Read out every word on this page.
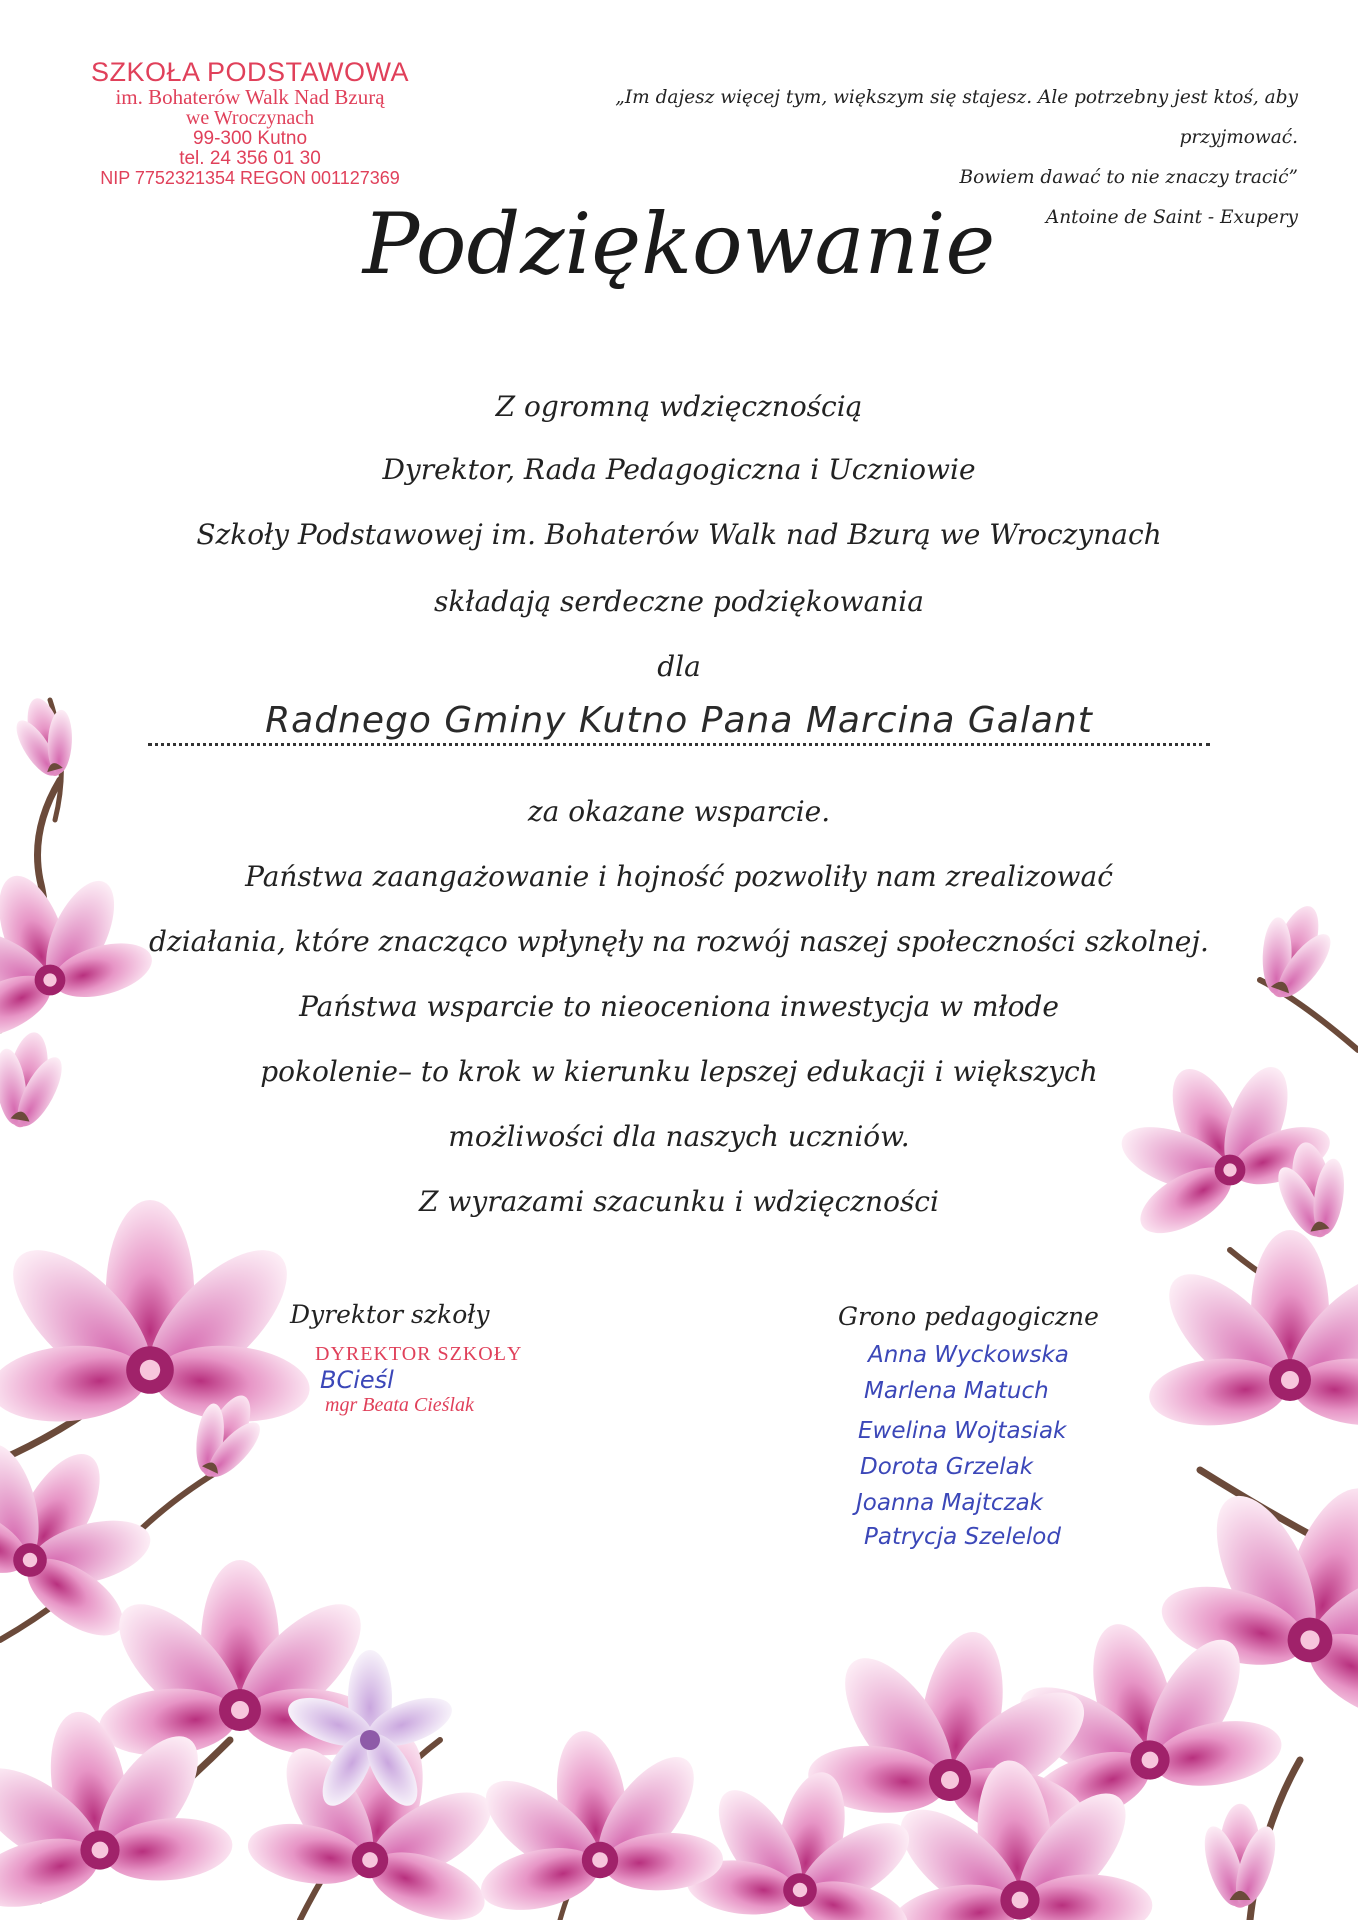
SZKOŁA PODSTAWOWA
im. Bohaterów Walk Nad Bzurą
we Wroczynach
99-300 Kutno
tel. 24 356 01 30
NIP 7752321354 REGON 001127369
„Im dajesz więcej tym, większym się stajesz. Ale potrzebny jest ktoś, aby przyjmować.
Bowiem dawać to nie znaczy tracić”
Antoine de Saint - Exupery
Podziękowanie
Z ogromną wdzięcznością
Dyrektor, Rada Pedagogiczna i Uczniowie
Szkoły Podstawowej im. Bohaterów Walk nad Bzurą we Wroczynach
składają serdeczne podziękowania
dla
Radnego Gminy Kutno Pana Marcina Galant
za okazane wsparcie.
Państwa zaangażowanie i hojność pozwoliły nam zrealizować
działania, które znacząco wpłynęły na rozwój naszej społeczności szkolnej.
Państwa wsparcie to nieoceniona inwestycja w młode
pokolenie– to krok w kierunku lepszej edukacji i większych
możliwości dla naszych uczniów.
Z wyrazami szacunku i wdzięczności
Dyrektor szkoły
DYREKTOR SZKOŁY
BCieśl
mgr Beata Cieślak
Grono pedagogiczne
Anna Wyckowska
Marlena Matuch
Ewelina Wojtasiak
Dorota Grzelak
Joanna Majtczak
Patrycja Szelelod
